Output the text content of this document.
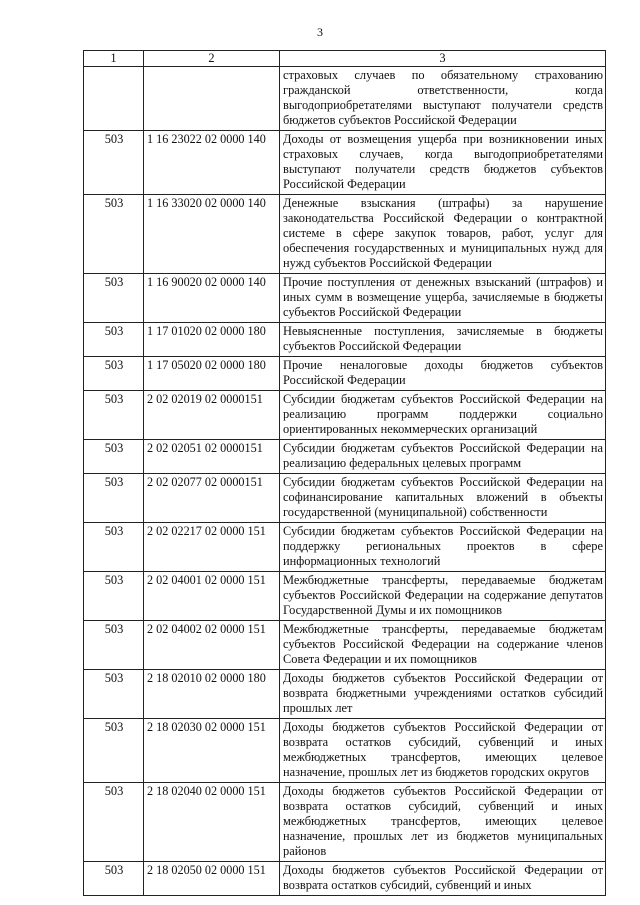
3
1	2	3
		страховых случаев по обязательному страхованию гражданской ответственности, когда выгодоприобретателями выступают получатели средств бюджетов субъектов Российской Федерации
503	1 16 23022 02 0000 140	Доходы от возмещения ущерба при возникновении иных страховых случаев, когда выгодоприобретателями выступают получатели средств бюджетов субъектов Российской Федерации
503	1 16 33020 02 0000 140	Денежные взыскания (штрафы) за нарушение законодательства Российской Федерации о контрактной системе в сфере закупок товаров, работ, услуг для обеспечения государственных и муниципальных нужд для нужд субъектов Российской Федерации
503	1 16 90020 02 0000 140	Прочие поступления от денежных взысканий (штрафов) и иных сумм в возмещение ущерба, зачисляемые в бюджеты субъектов Российской Федерации
503	1 17 01020 02 0000 180	Невыясненные поступления, зачисляемые в бюджеты субъектов Российской Федерации
503	1 17 05020 02 0000 180	Прочие неналоговые доходы бюджетов субъектов Российской Федерации
503	2 02 02019 02 0000151	Субсидии бюджетам субъектов Российской Федерации на реализацию программ поддержки социально ориентированных некоммерческих организаций
503	2 02 02051 02 0000151	Субсидии бюджетам субъектов Российской Федерации на реализацию федеральных целевых программ
503	2 02 02077 02 0000151	Субсидии бюджетам субъектов Российской Федерации на софинансирование капитальных вложений в объекты государственной (муниципальной) собственности
503	2 02 02217 02 0000 151	Субсидии бюджетам субъектов Российской Федерации на поддержку региональных проектов в сфере информационных технологий
503	2 02 04001 02 0000 151	Межбюджетные трансферты, передаваемые бюджетам субъектов Российской Федерации на содержание депутатов Государственной Думы и их помощников
503	2 02 04002 02 0000 151	Межбюджетные трансферты, передаваемые бюджетам субъектов Российской Федерации на содержание членов Совета Федерации и их помощников
503	2 18 02010 02 0000 180	Доходы бюджетов субъектов Российской Федерации от возврата бюджетными учреждениями остатков субсидий прошлых лет
503	2 18 02030 02 0000 151	Доходы бюджетов субъектов Российской Федерации от возврата остатков субсидий, субвенций и иных межбюджетных трансфертов, имеющих целевое назначение, прошлых лет из бюджетов городских округов
503	2 18 02040 02 0000 151	Доходы бюджетов субъектов Российской Федерации от возврата остатков субсидий, субвенций и иных межбюджетных трансфертов, имеющих целевое назначение, прошлых лет из бюджетов муниципальных районов
503	2 18 02050 02 0000 151	Доходы бюджетов субъектов Российской Федерации от возврата остатков субсидий, субвенций и иных
